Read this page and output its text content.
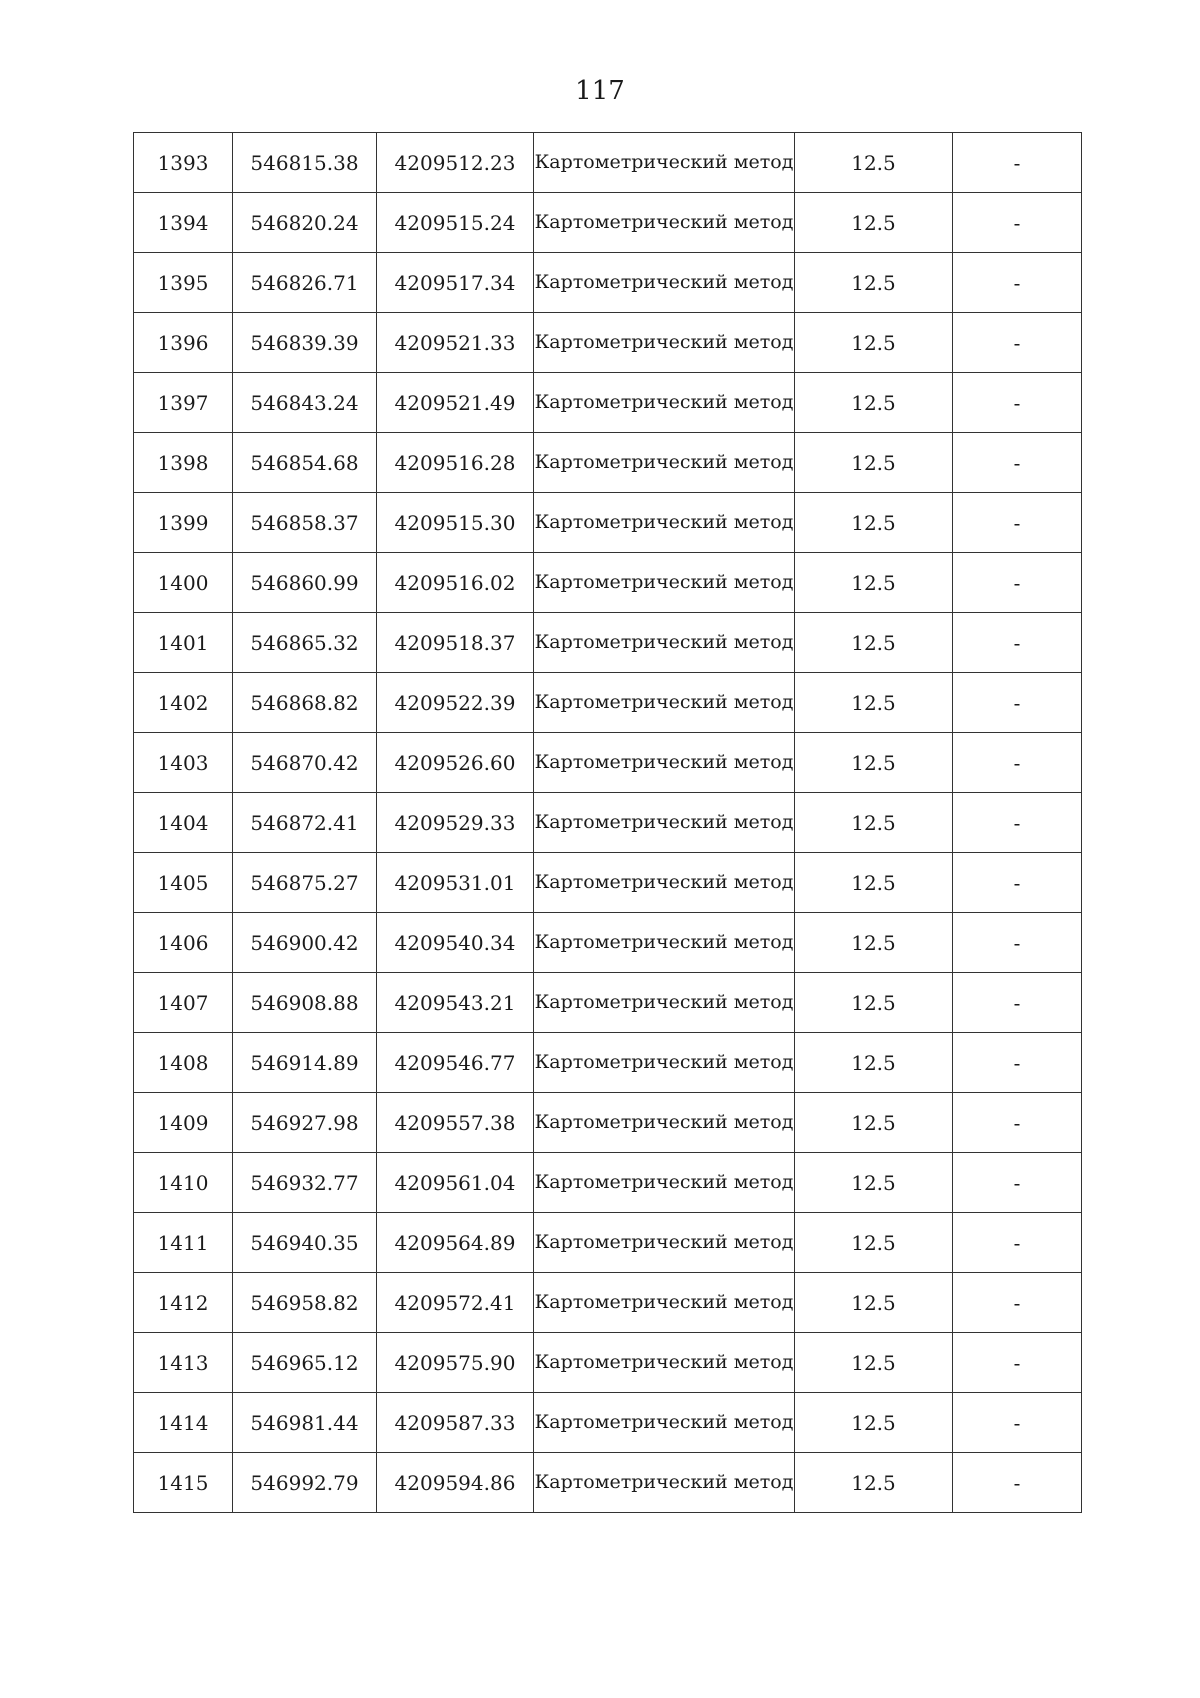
117
1393	546815.38	4209512.23	Картометрический метод	12.5	-
1394	546820.24	4209515.24	Картометрический метод	12.5	-
1395	546826.71	4209517.34	Картометрический метод	12.5	-
1396	546839.39	4209521.33	Картометрический метод	12.5	-
1397	546843.24	4209521.49	Картометрический метод	12.5	-
1398	546854.68	4209516.28	Картометрический метод	12.5	-
1399	546858.37	4209515.30	Картометрический метод	12.5	-
1400	546860.99	4209516.02	Картометрический метод	12.5	-
1401	546865.32	4209518.37	Картометрический метод	12.5	-
1402	546868.82	4209522.39	Картометрический метод	12.5	-
1403	546870.42	4209526.60	Картометрический метод	12.5	-
1404	546872.41	4209529.33	Картометрический метод	12.5	-
1405	546875.27	4209531.01	Картометрический метод	12.5	-
1406	546900.42	4209540.34	Картометрический метод	12.5	-
1407	546908.88	4209543.21	Картометрический метод	12.5	-
1408	546914.89	4209546.77	Картометрический метод	12.5	-
1409	546927.98	4209557.38	Картометрический метод	12.5	-
1410	546932.77	4209561.04	Картометрический метод	12.5	-
1411	546940.35	4209564.89	Картометрический метод	12.5	-
1412	546958.82	4209572.41	Картометрический метод	12.5	-
1413	546965.12	4209575.90	Картометрический метод	12.5	-
1414	546981.44	4209587.33	Картометрический метод	12.5	-
1415	546992.79	4209594.86	Картометрический метод	12.5	-
